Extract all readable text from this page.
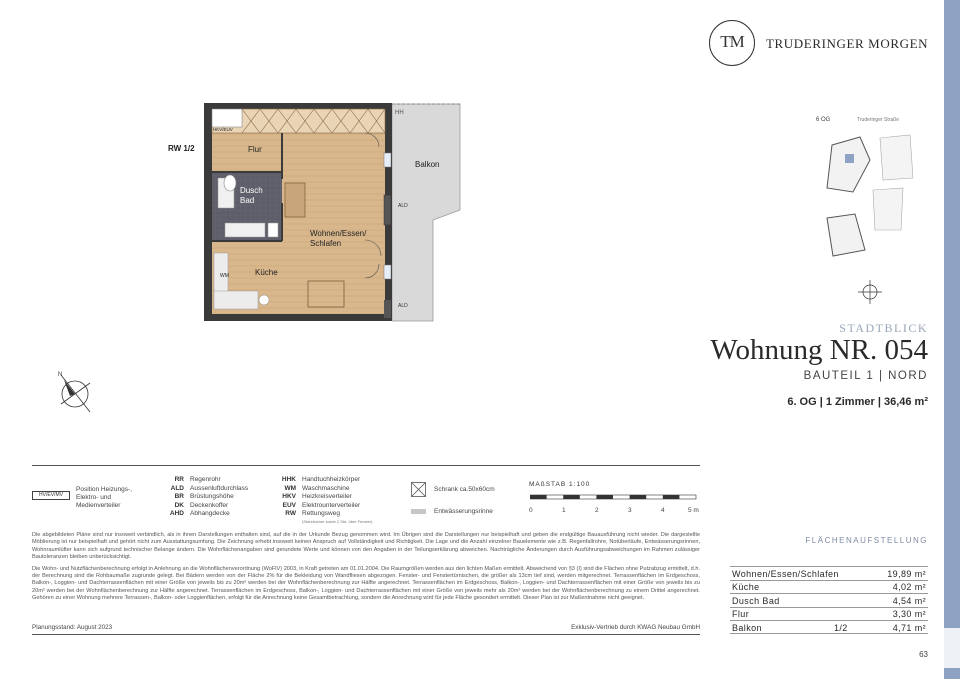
TM	TRUDERINGER MORGEN
RW 1/2
HKV/EUV
HH
Flur
Balkon
Dusch
Bad
Wohnen/Essen/
Schlafen
Küche
ALD
ALD
WM
6 OG	Truderinger Straße
STADTBLICK
Wohnung NR. 054
BAUTEIL 1 | NORD
6. OG | 1 Zimmer | 36,46 m²
N
HV/EV/MV
Position Heizungs-, Elektro- und Medienverteiler
RR Regenrohr
ALD Aussenluftdurchlass
BR Brüstungshöhe
DK Deckenkoffer
AHD Abhangdecke
HHK Handtuchheizkörper
WM Waschmaschine
HKV Heizkreisverteiler
EUV Elektrounterverteiler
RW Rettungsweg
(Standsicher sowie 2 Std. über Fenster)
Schrank ca.50x60cm
Entwässerungsrinne
MAßSTAB 1:100
0	1	2	3	4	5 m

Die abgebildeten Pläne sind nur insoweit verbindlich, als in ihnen Darstellungen enthalten sind, auf die in der Urkunde Bezug genommen wird. Im Übrigen sind die Darstellungen nur beispielhaft und geben die endgültige Bauausführung nicht wieder. Die dargestellte Möblierung ist nur beispielhaft und gehört nicht zum Ausstattungsumfang. Die Zeichnung erhebt insoweit keinen Anspruch auf Vollständigkeit und Richtigkeit. Die Lage und die Anzahl einzelner Bauelemente wie z.B. Regenfallrohre, Notüberläufe, Entwässerungsrinnen, Wohnraumlüfter kann sich aufgrund technischer Belange ändern. Die Wohnflächenangaben sind gerundete Werte und können von den Angaben in der Teilungserklärung abweichen. Nachträgliche Änderungen durch Ausführungsabweichungen im Rahmen zulässiger Bautoleranzen bleiben unberücksichtigt.

Die Wohn- und Nutzflächenberechnung erfolgt in Anlehnung an die Wohnflächenverordnung (WoFlV) 2003, in Kraft getreten am 01.01.2004. Die Raumgrößen werden aus den lichten Maßen ermittelt. Abweichend von §3 (I) sind die Flächen ohne Putzabzug ermittelt, d.h. der Berechnung sind die Rohbaumaße zugrunde gelegt. Bei Bädern werden von der Fläche 2% für die Bekleidung von Wandfliesen abgezogen. Fenster- und Fenstertürnischen, die größer als 13cm tief sind, werden mitgerechnet. Terrassenflächen im Erdgeschoss, Balkon-, Loggien- und Dachterrassenflächen mit einer Größe von jeweils bis zu 20m² werden bei der Wohnflächenberechnung zur Hälfte angerechnet. Terrassenflächen im Erdgeschoss, Balkon-, Loggien- und Dachterrassenflächen mit einer Größe von jeweils bis zu 20m² werden bei der Wohnflächenberechnung zur Hälfte angerechnet. Terrassenflächen im Erdgeschoss, Balkon-, Loggien- und Dachterrassenflächen mit einer Größe von jeweils mehr als 20m² werden bei der Wohnflächenberechnung zu einem Drittel angerechnet. Gehören zu einer Wohnung mehrere Terrassen-, Balkon- oder Loggienflächen, erfolgt für die Anrechnung keine Gesamtbetrachtung, sondern die Anrechnung wird für jede Fläche gesondert ermittelt. Dieser Plan ist zur Maßentnahme nicht geeignet.

Planungsstand: August 2023	Exklusiv-Vertrieb durch KWAG Neubau GmbH
FLÄCHENAUFSTELLUNG
Wohnen/Essen/Schlafen	19,89 m²
Küche	4,02 m²
Dusch Bad	4,54 m²
Flur	3,30 m²
Balkon	1/2	4,71 m²
63
